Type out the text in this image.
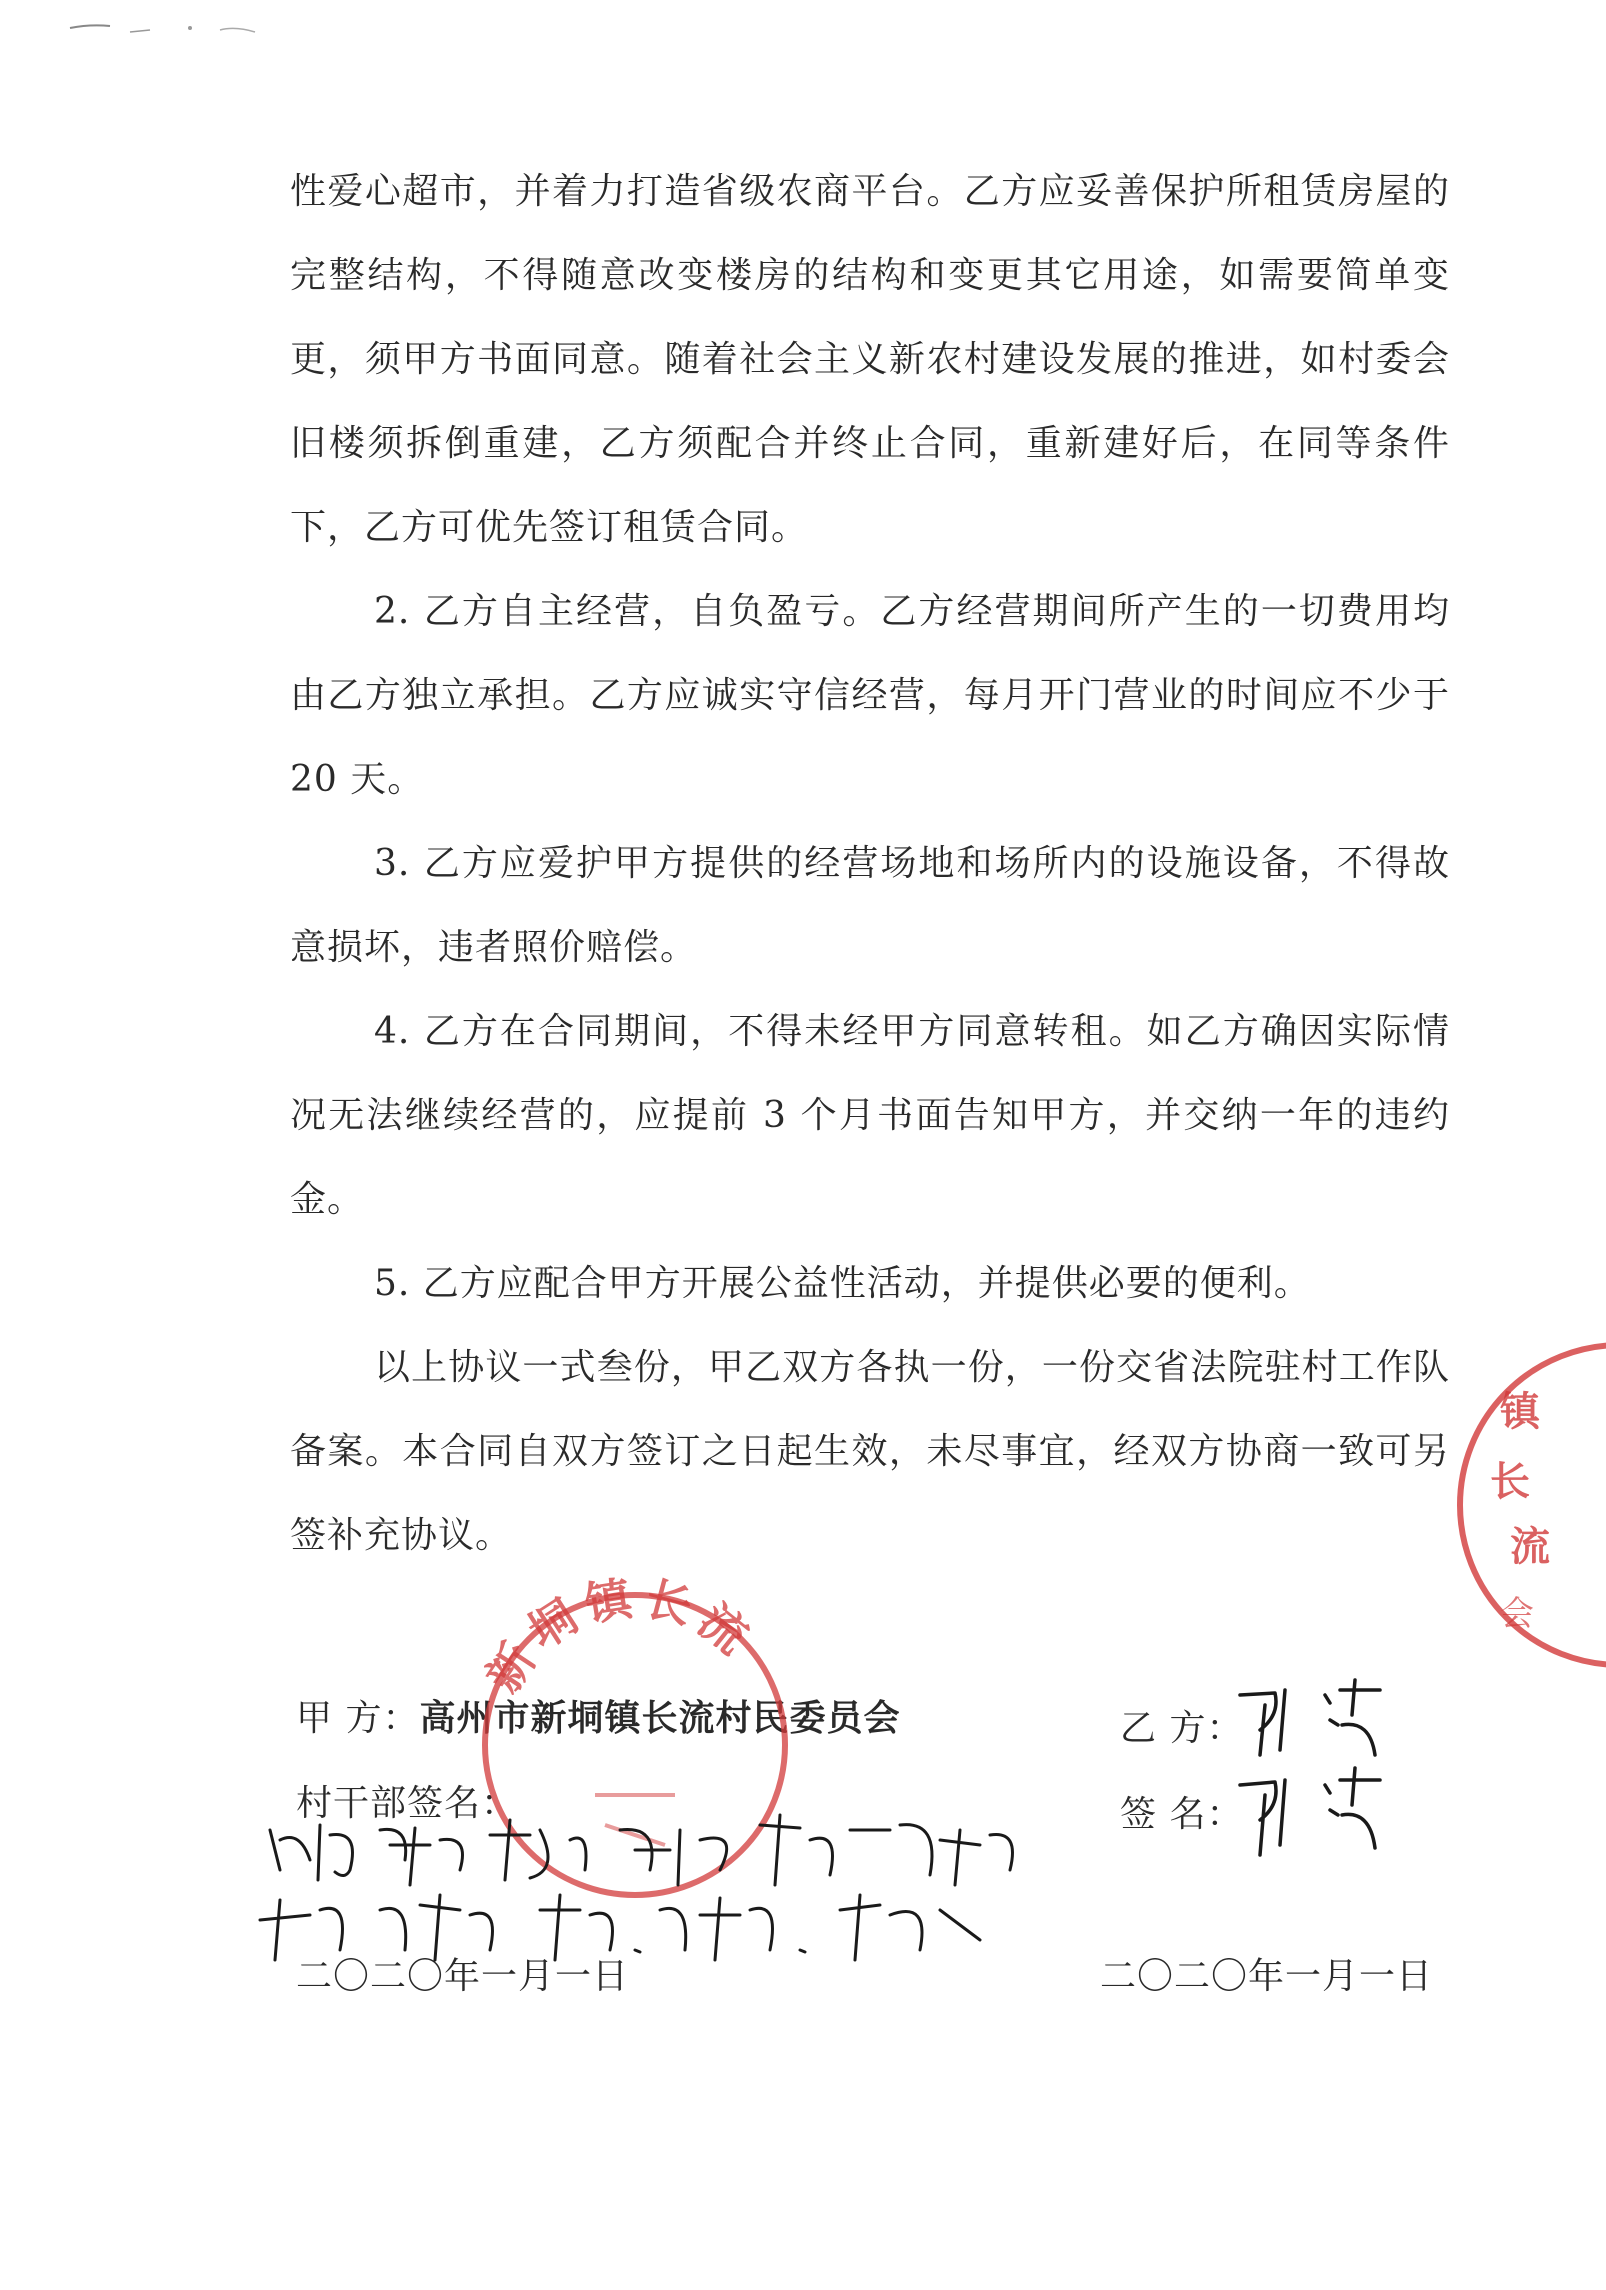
性爱心超市，并着力打造省级农商平台。乙方应妥善保护所租赁房屋的完整结构，不得随意改变楼房的结构和变更其它用途，如需要简单变更，须甲方书面同意。随着社会主义新农村建设发展的推进，如村委会旧楼须拆倒重建，乙方须配合并终止合同，重新建好后，在同等条件下，乙方可优先签订租赁合同。

2. 乙方自主经营，自负盈亏。乙方经营期间所产生的一切费用均由乙方独立承担。乙方应诚实守信经营，每月开门营业的时间应不少于 20 天。

3. 乙方应爱护甲方提供的经营场地和场所内的设施设备，不得故意损坏，违者照价赔偿。

4. 乙方在合同期间，不得未经甲方同意转租。如乙方确因实际情况无法继续经营的，应提前 3 个月书面告知甲方，并交纳一年的违约金。

5. 乙方应配合甲方开展公益性活动，并提供必要的便利。

以上协议一式叁份，甲乙双方各执一份，一份交省法院驻村工作队备案。本合同自双方签订之日起生效，未尽事宜，经双方协商一致可另签补充协议。

甲 方：高州市新垌镇长流村民委员会
村干部签名：
二〇二〇年一月一日
乙 方：
签 名：
二〇二〇年一月一日
新垌镇长流
镇
长
流
会
